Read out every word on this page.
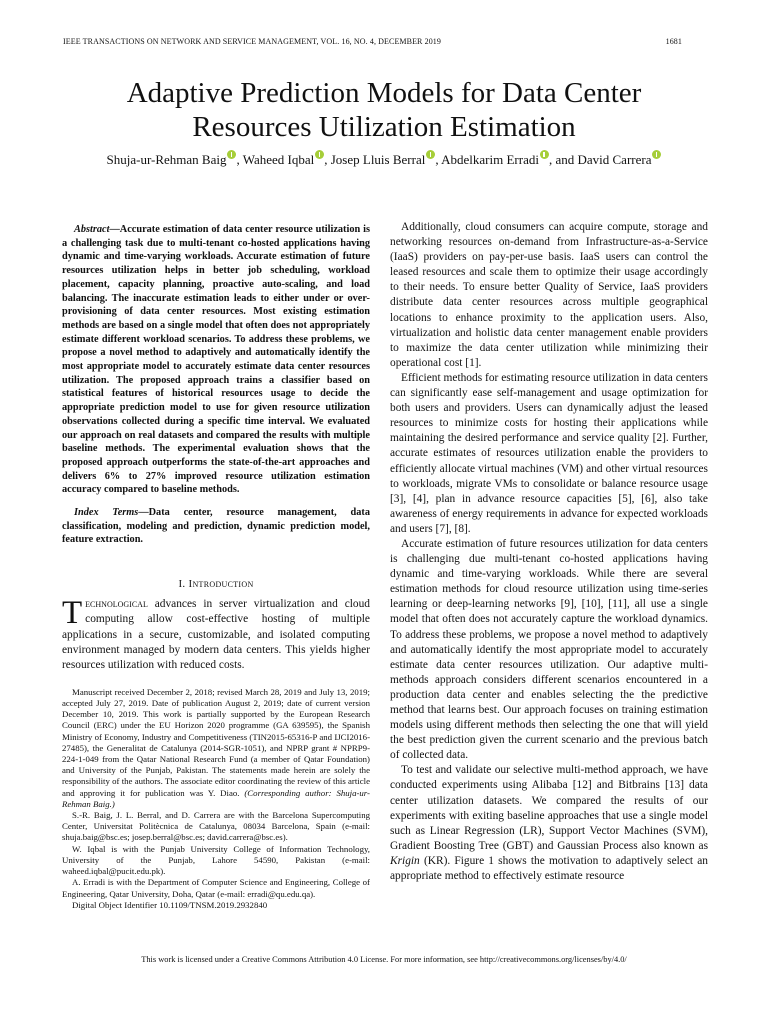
IEEE TRANSACTIONS ON NETWORK AND SERVICE MANAGEMENT, VOL. 16, NO. 4, DECEMBER 2019	1681
Adaptive Prediction Models for Data Center
Resources Utilization Estimation
Shuja-ur-Rehman Baig , Waheed Iqbal , Josep Lluis Berral , Abdelkarim Erradi , and David Carrera

Abstract—Accurate estimation of data center resource utilization is a challenging task due to multi-tenant co-hosted applications having dynamic and time-varying workloads. Accurate estimation of future resources utilization helps in better job scheduling, workload placement, capacity planning, proactive auto-scaling, and load balancing. The inaccurate estimation leads to either under or over-provisioning of data center resources. Most existing estimation methods are based on a single model that often does not appropriately estimate different workload scenarios. To address these problems, we propose a novel method to adaptively and automatically identify the most appropriate model to accurately estimate data center resources utilization. The proposed approach trains a classifier based on statistical features of historical resources usage to decide the appropriate prediction model to use for given resource utilization observations collected during a specific time interval. We evaluated our approach on real datasets and compared the results with multiple baseline methods. The experimental evaluation shows that the proposed approach outperforms the state-of-the-art approaches and delivers 6% to 27% improved resource utilization estimation accuracy compared to baseline methods.

Index Terms—Data center, resource management, data classification, modeling and prediction, dynamic prediction model, feature extraction.

I. Introduction

Technological advances in server virtualization and cloud computing allow cost-effective hosting of multiple applications in a secure, customizable, and isolated computing environment managed by modern data centers. This yields higher resources utilization with reduced costs.

Manuscript received December 2, 2018; revised March 28, 2019 and July 13, 2019; accepted July 27, 2019. Date of publication August 2, 2019; date of current version December 10, 2019. This work is partially supported by the European Research Council (ERC) under the EU Horizon 2020 programme (GA 639595), the Spanish Ministry of Economy, Industry and Competitiveness (TIN2015-65316-P and IJCI2016-27485), the Generalitat de Catalunya (2014-SGR-1051), and NPRP grant # NPRP9-224-1-049 from the Qatar National Research Fund (a member of Qatar Foundation) and University of the Punjab, Pakistan. The statements made herein are solely the responsibility of the authors. The associate editor coordinating the review of this article and approving it for publication was Y. Diao. (Corresponding author: Shuja-ur-Rehman Baig.)

S.-R. Baig, J. L. Berral, and D. Carrera are with the Barcelona Supercomputing Center, Universitat Politècnica de Catalunya, 08034 Barcelona, Spain (e-mail: shuja.baig@bsc.es; josep.berral@bsc.es; david.carrera@bsc.es).

W. Iqbal is with the Punjab University College of Information Technology, University of the Punjab, Lahore 54590, Pakistan (e-mail: waheed.iqbal@pucit.edu.pk).

A. Erradi is with the Department of Computer Science and Engineering, College of Engineering, Qatar University, Doha, Qatar (e-mail: erradi@qu.edu.qa).

Digital Object Identifier 10.1109/TNSM.2019.2932840

Additionally, cloud consumers can acquire compute, storage and networking resources on-demand from Infrastructure-as-a-Service (IaaS) providers on pay-per-use basis. IaaS users can control the leased resources and scale them to optimize their usage accordingly to their needs. To ensure better Quality of Service, IaaS providers distribute data center resources across multiple geographical locations to enhance proximity to the application users. Also, virtualization and holistic data center management enable providers to maximize the data center utilization while minimizing their operational cost [1].

Efficient methods for estimating resource utilization in data centers can significantly ease self-management and usage optimization for both users and providers. Users can dynamically adjust the leased resources to minimize costs for hosting their applications while maintaining the desired performance and service quality [2]. Further, accurate estimates of resources utilization enable the providers to efficiently allocate virtual machines (VM) and other virtual resources to workloads, migrate VMs to consolidate or balance resource usage [3], [4], plan in advance resource capacities [5], [6], also take awareness of energy requirements in advance for expected workloads and users [7], [8].

Accurate estimation of future resources utilization for data centers is challenging due multi-tenant co-hosted applications having dynamic and time-varying workloads. While there are several estimation methods for cloud resource utilization using time-series learning or deep-learning networks [9], [10], [11], all use a single model that often does not accurately capture the workload dynamics. To address these problems, we propose a novel method to adaptively and automatically identify the most appropriate model to accurately estimate data center resources utilization. Our adaptive multi-methods approach considers different scenarios encountered in a production data center and enables selecting the the predictive method that learns best. Our approach focuses on training estimation models using different methods then selecting the one that will yield the best prediction given the current scenario and the previous batch of collected data.

To test and validate our selective multi-method approach, we have conducted experiments using Alibaba [12] and Bitbrains [13] data center utilization datasets. We compared the results of our experiments with exiting baseline approaches that use a single model such as Linear Regression (LR), Support Vector Machines (SVM), Gradient Boosting Tree (GBT) and Gaussian Process also known as Krigin (KR). Figure 1 shows the motivation to adaptively select an appropriate method to effectively estimate resource

This work is licensed under a Creative Commons Attribution 4.0 License. For more information, see http://creativecommons.org/licenses/by/4.0/
